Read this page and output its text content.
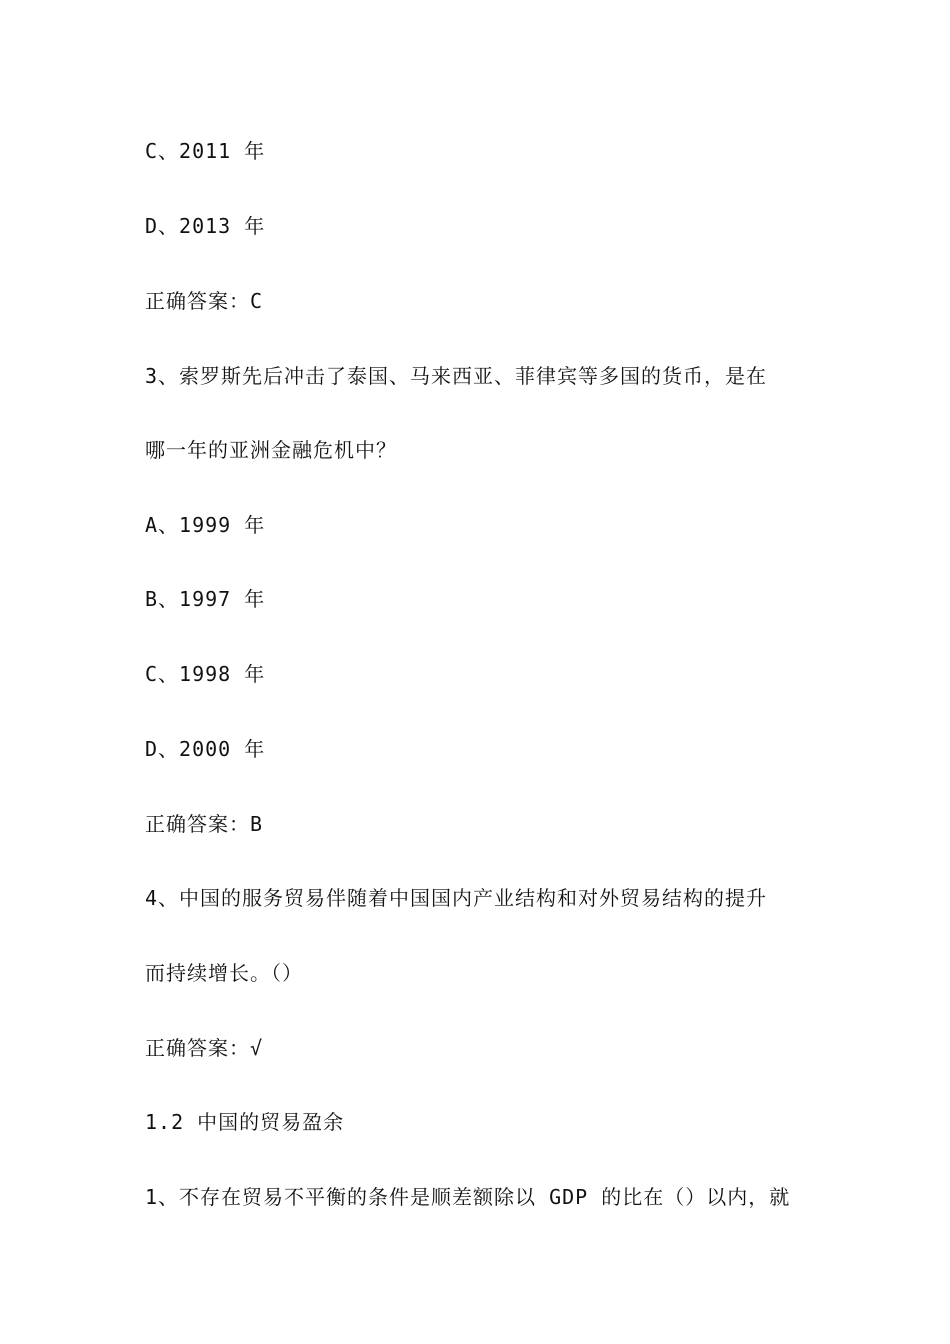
C、2011 年
D、2013 年
正确答案：C
3、索罗斯先后冲击了泰国、马来西亚、菲律宾等多国的货币，是在
哪一年的亚洲金融危机中？
A、1999 年
B、1997 年
C、1998 年
D、2000 年
正确答案：B
4、中国的服务贸易伴随着中国国内产业结构和对外贸易结构的提升
而持续增长。（）
正确答案：√
1.2 中国的贸易盈余
1、不存在贸易不平衡的条件是顺差额除以 GDP 的比在（）以内，就
